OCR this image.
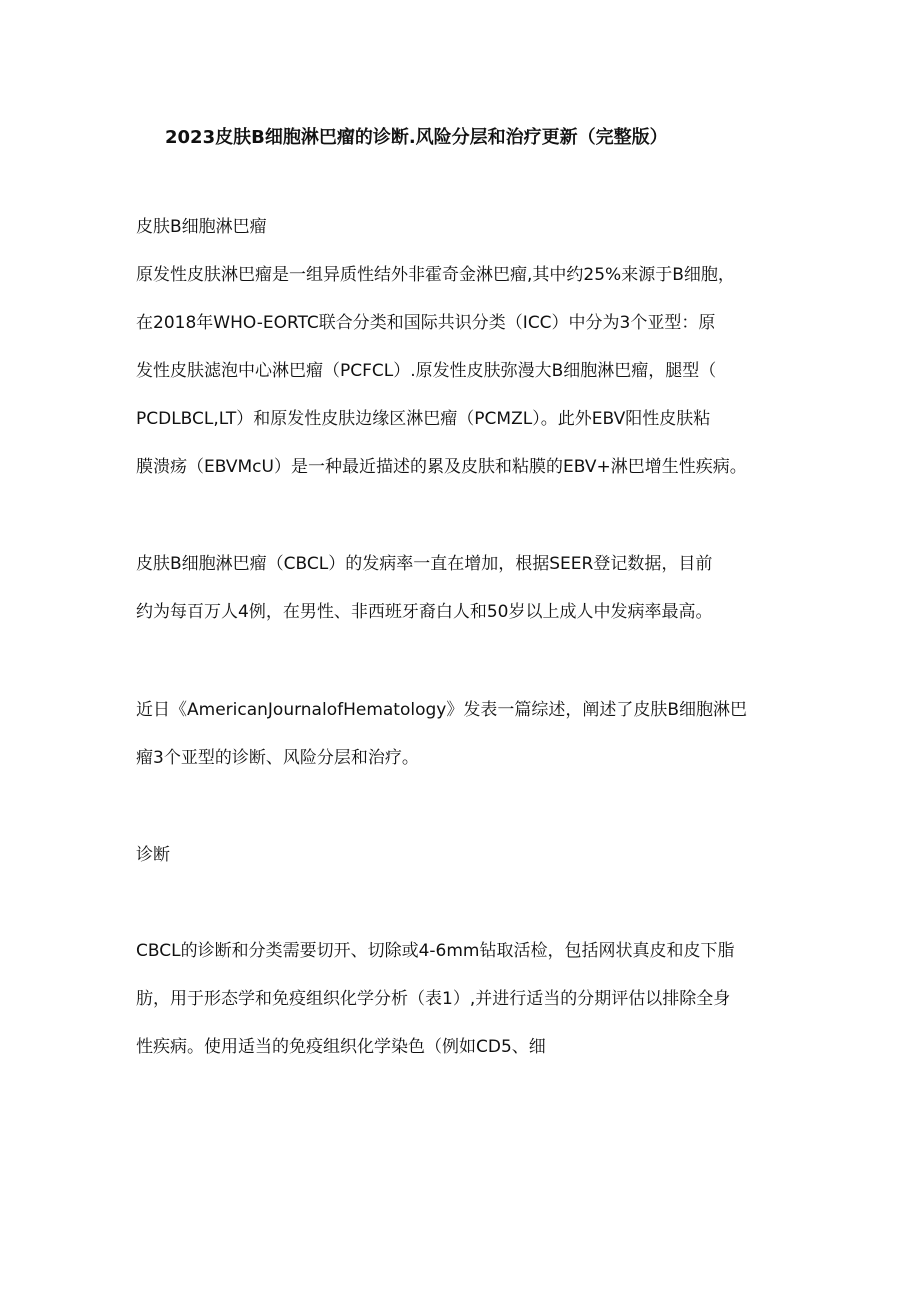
2023皮肤B细胞淋巴瘤的诊断.风险分层和治疗更新（完整版）
皮肤B细胞淋巴瘤
原发性皮肤淋巴瘤是一组异质性结外非霍奇金淋巴瘤,其中约25%来源于B细胞，
在2018年WHO-EORTC联合分类和国际共识分类（ICC）中分为3个亚型：原
发性皮肤滤泡中心淋巴瘤（PCFCL）.原发性皮肤弥漫大B细胞淋巴瘤，腿型（
PCDLBCL,LT）和原发性皮肤边缘区淋巴瘤（PCMZL）。此外EBV阳性皮肤粘
膜溃疡（EBVMcU）是一种最近描述的累及皮肤和粘膜的EBV+淋巴增生性疾病。
皮肤B细胞淋巴瘤（CBCL）的发病率一直在增加，根据SEER登记数据，目前
约为每百万人4例，在男性、非西班牙裔白人和50岁以上成人中发病率最高。
近日《AmericanJournalofHematology》发表一篇综述，阐述了皮肤B细胞淋巴
瘤3个亚型的诊断、风险分层和治疗。
诊断
CBCL的诊断和分类需要切开、切除或4-6mm钻取活检，包括网状真皮和皮下脂
肪，用于形态学和免疫组织化学分析（表1）,并进行适当的分期评估以排除全身
性疾病。使用适当的免疫组织化学染色（例如CD5、细
